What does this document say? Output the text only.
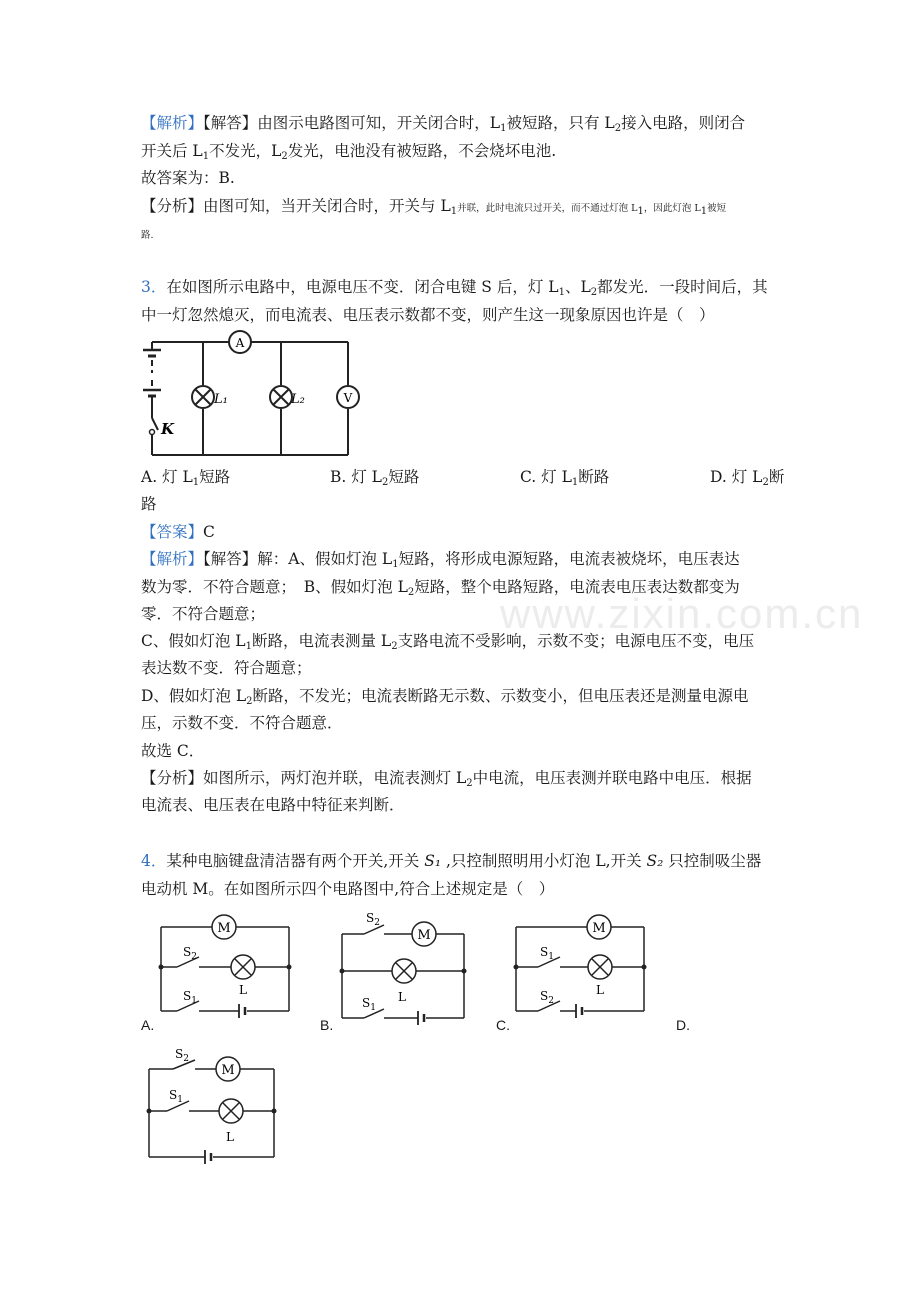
www.zixin.com.cn
【解析】【解答】由图示电路图可知，开关闭合时，$L_1$被短路，只有 $L_2$接入电路，则闭合
开关后 $L_1$不发光，$L_2$发光，电池没有被短路，不会烧坏电池.
故答案为：B.
【分析】由图可知，当开关闭合时，开关与 $L_1$并联，此时电流只过开关，而不通过灯泡 $L_1$，因此灯泡 $L_1$被短
路.
3．在如图所示电路中，电源电压不变．闭合电键 S 后，灯 $L_1$、$L_2$都发光．一段时间后，其
中一灯忽然熄灭，而电流表、电压表示数都不变，则产生这一现象原因也许是（　）
A
L₁	L₂	V
K
A. 灯 $L_1$短路	B. 灯 $L_2$短路	C. 灯 $L_1$断路	D. 灯 $L_2$断
路
【答案】C
【解析】【解答】解：A、假如灯泡 $L_1$短路，将形成电源短路，电流表被烧坏，电压表达
数为零．不符合题意；　B、假如灯泡 $L_2$短路，整个电路短路，电流表电压表达数都变为
零．不符合题意；
C、假如灯泡 $L_1$断路，电流表测量 $L_2$支路电流不受影响，示数不变；电源电压不变，电压
表达数不变．符合题意；
D、假如灯泡 $L_2$断路，不发光；电流表断路无示数、示数变小，但电压表还是测量电源电
压，示数不变．不符合题意．
故选 C．
【分析】如图所示，两灯泡并联，电流表测灯 $L_2$中电流，电压表测并联电路中电压．根据
电流表、电压表在电路中特征来判断．
4．某种电脑键盘清洁器有两个开关,开关 S₁ ,只控制照明用小灯泡 L,开关 S₂ 只控制吸尘器
电动机 M。在如图所示四个电路图中,符合上述规定是（　）
M
L
$S_2$
$S_1$
A.
M
L
$S_2$
$S_1$
B.
M
L
$S_1$
$S_2$
C.	D.
M
L
$S_2$
$S_1$
